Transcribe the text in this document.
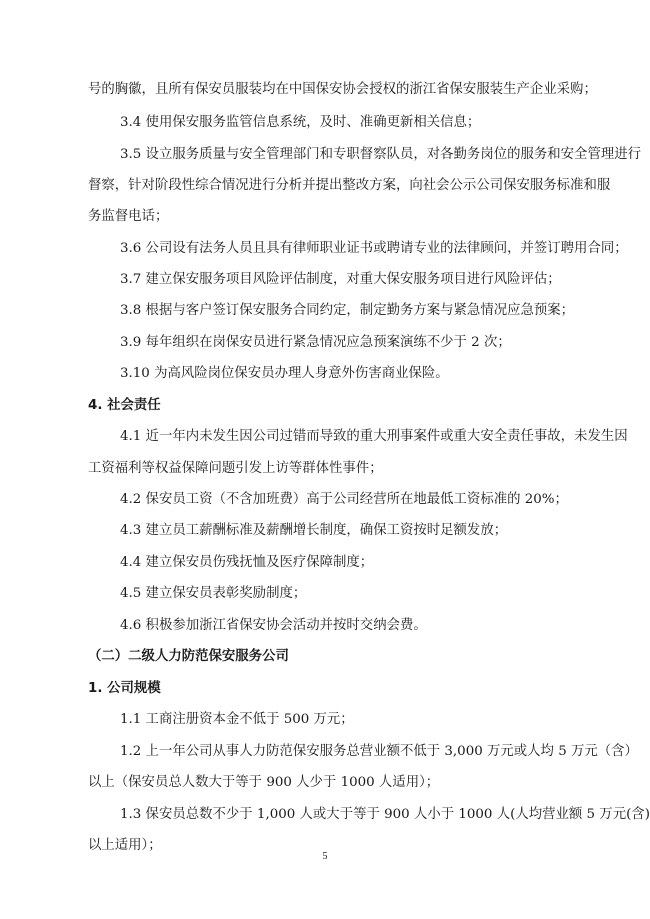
号的胸徽，且所有保安员服装均在中国保安协会授权的浙江省保安服装生产企业采购；
3.4 使用保安服务监管信息系统，及时、准确更新相关信息；
3.5 设立服务质量与安全管理部门和专职督察队员，对各勤务岗位的服务和安全管理进行
督察，针对阶段性综合情况进行分析并提出整改方案，向社会公示公司保安服务标准和服
务监督电话；
3.6 公司设有法务人员且具有律师职业证书或聘请专业的法律顾问，并签订聘用合同；
3.7 建立保安服务项目风险评估制度，对重大保安服务项目进行风险评估；
3.8 根据与客户签订保安服务合同约定，制定勤务方案与紧急情况应急预案；
3.9 每年组织在岗保安员进行紧急情况应急预案演练不少于 2 次；
3.10 为高风险岗位保安员办理人身意外伤害商业保险。
4. 社会责任
4.1 近一年内未发生因公司过错而导致的重大刑事案件或重大安全责任事故，未发生因
工资福利等权益保障问题引发上访等群体性事件；
4.2 保安员工资（不含加班费）高于公司经营所在地最低工资标准的 20%；
4.3 建立员工薪酬标准及薪酬增长制度，确保工资按时足额发放；
4.4 建立保安员伤残抚恤及医疗保障制度；
4.5 建立保安员表彰奖励制度；
4.6 积极参加浙江省保安协会活动并按时交纳会费。
（二）二级人力防范保安服务公司
1. 公司规模
1.1 工商注册资本金不低于 500 万元；
1.2 上一年公司从事人力防范保安服务总营业额不低于 3,000 万元或人均 5 万元（含）
以上（保安员总人数大于等于 900 人少于 1000 人适用）；
1.3 保安员总数不少于 1,000 人或大于等于 900 人小于 1000 人(人均营业额 5 万元(含)
以上适用）；
5
